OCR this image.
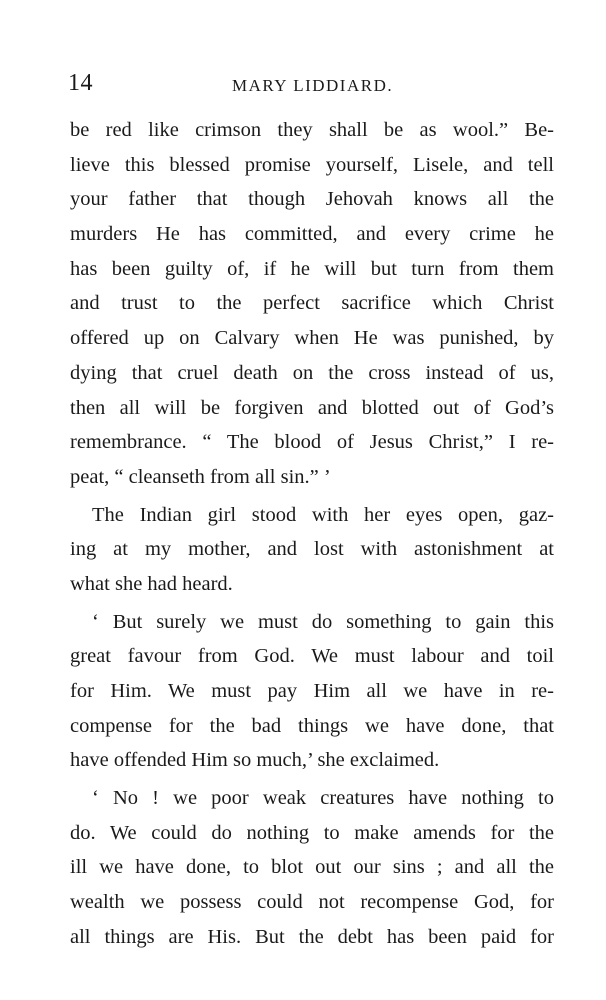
14	MARY LIDDIARD.
be red like crimson they shall be as wool.” Be-
lieve this blessed promise yourself, Lisele, and tell
your father that though Jehovah knows all the
murders He has committed, and every crime he
has been guilty of, if he will but turn from them
and trust to the perfect sacrifice which Christ
offered up on Calvary when He was punished, by
dying that cruel death on the cross instead of us,
then all will be forgiven and blotted out of God’s
remembrance. “ The blood of Jesus Christ,” I re-
peat, “ cleanseth from all sin.” ’
The Indian girl stood with her eyes open, gaz-
ing at my mother, and lost with astonishment at
what she had heard.
‘ But surely we must do something to gain this
great favour from God. We must labour and toil
for Him. We must pay Him all we have in re-
compense for the bad things we have done, that
have offended Him so much,’ she exclaimed.
‘ No ! we poor weak creatures have nothing to
do. We could do nothing to make amends for the
ill we have done, to blot out our sins ; and all the
wealth we possess could not recompense God, for
all things are His. But the debt has been paid for
